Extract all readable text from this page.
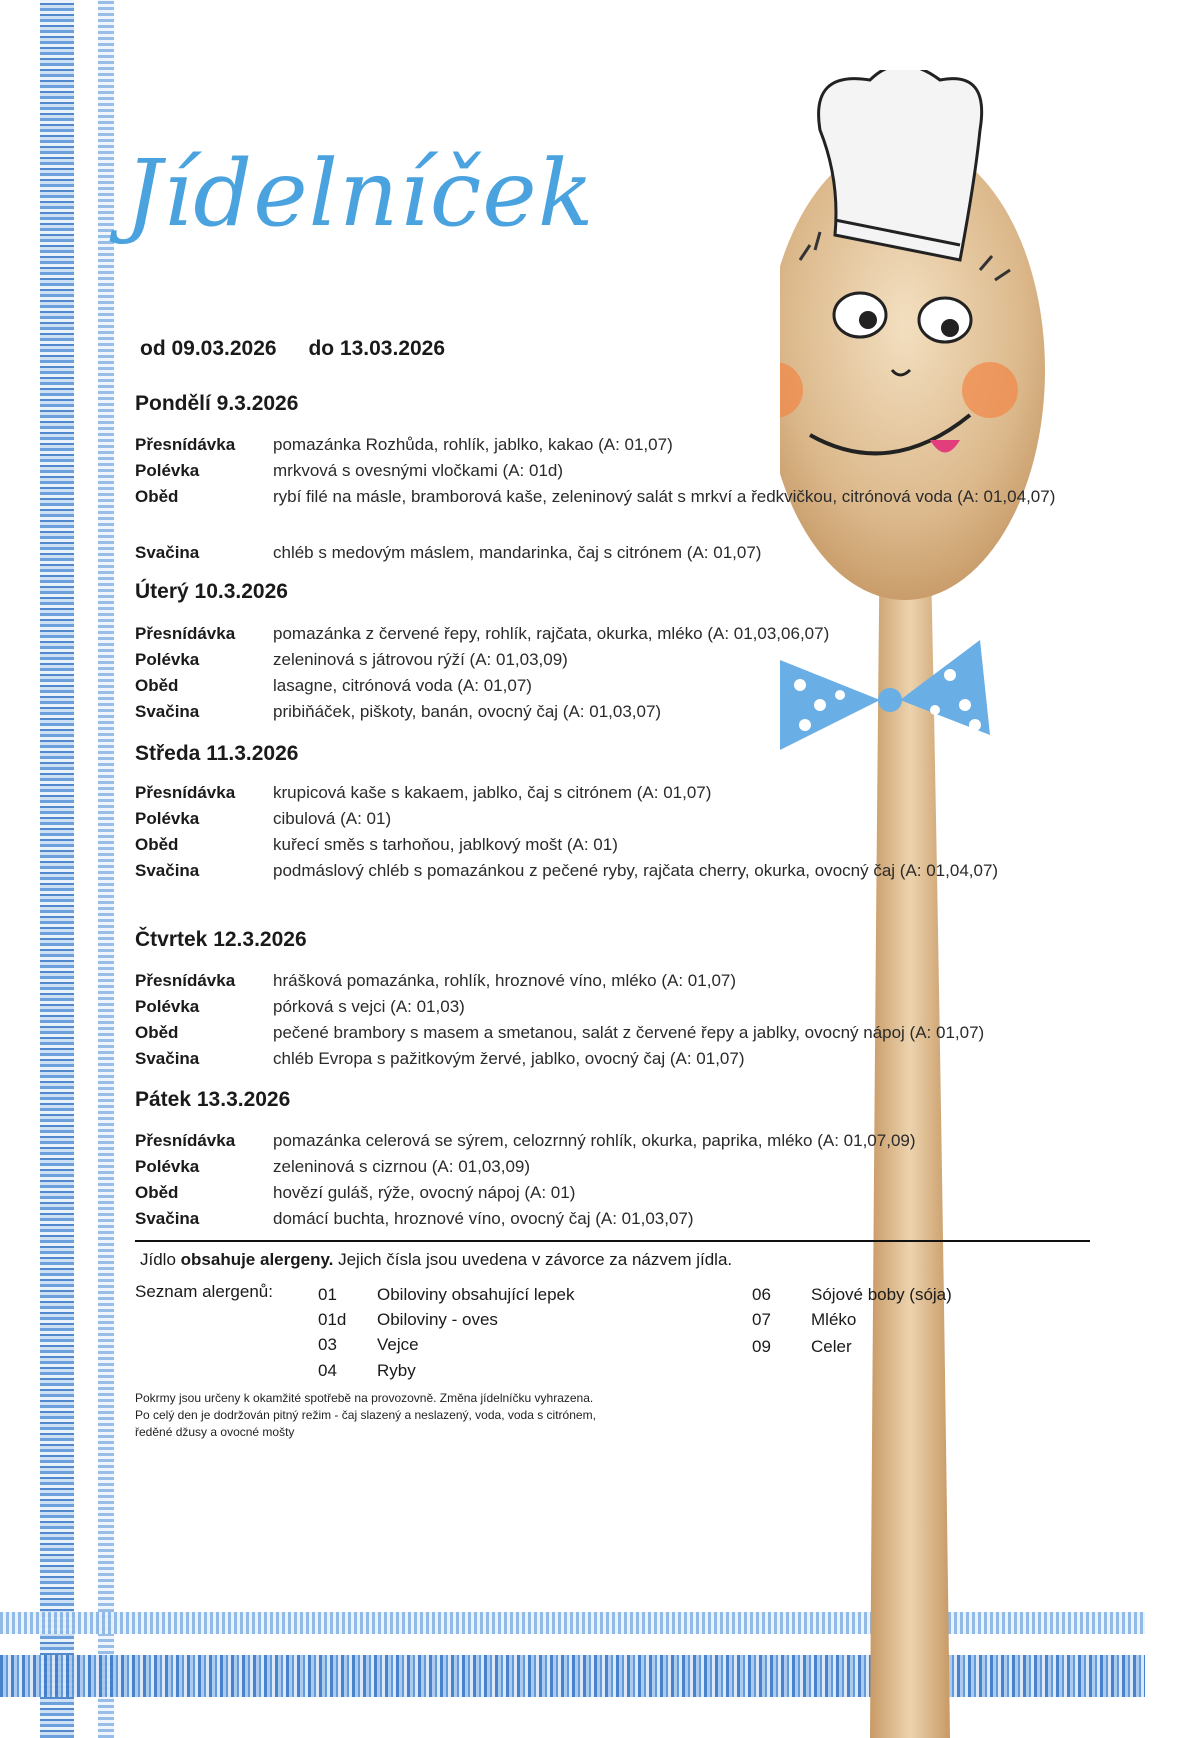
Jídelníček
od 09.03.2026 do 13.03.2026
Pondělí 9.3.2026
Přesnídávka	pomazánka Rozhůda, rohlík, jablko, kakao (A: 01,07)
Polévka	mrkvová s ovesnými vločkami (A: 01d)
Oběd	rybí filé na másle, bramborová kaše, zeleninový salát s mrkví a ředkvičkou, citrónová voda (A: 01,04,07)
Svačina	chléb s medovým máslem, mandarinka, čaj s citrónem (A: 01,07)
Úterý 10.3.2026
Přesnídávka	pomazánka z červené řepy, rohlík, rajčata, okurka, mléko (A: 01,03,06,07)
Polévka	zeleninová s játrovou rýží (A: 01,03,09)
Oběd	lasagne, citrónová voda (A: 01,07)
Svačina	pribiňáček, piškoty, banán, ovocný čaj (A: 01,03,07)
Středa 11.3.2026
Přesnídávka	krupicová kaše s kakaem, jablko, čaj s citrónem (A: 01,07)
Polévka	cibulová (A: 01)
Oběd	kuřecí směs s tarhoňou, jablkový mošt (A: 01)
Svačina	podmáslový chléb s pomazánkou z pečené ryby, rajčata cherry, okurka, ovocný čaj (A: 01,04,07)
Čtvrtek 12.3.2026
Přesnídávka	hrášková pomazánka, rohlík, hroznové víno, mléko (A: 01,07)
Polévka	pórková s vejci (A: 01,03)
Oběd	pečené brambory s masem a smetanou, salát z červené řepy a jablky, ovocný nápoj (A: 01,07)
Svačina	chléb Evropa s pažitkovým žervé, jablko, ovocný čaj (A: 01,07)
Pátek 13.3.2026
Přesnídávka	pomazánka celerová se sýrem, celozrnný rohlík, okurka, paprika, mléko (A: 01,07,09)
Polévka	zeleninová s cizrnou (A: 01,03,09)
Oběd	hovězí guláš, rýže, ovocný nápoj (A: 01)
Svačina	domácí buchta, hroznové víno, ovocný čaj (A: 01,03,07)
Jídlo obsahuje alergeny. Jejich čísla jsou uvedena v závorce za názvem jídla.
Seznam alergenů:	01 Obiloviny obsahující lepek
01d Obiloviny - oves
03 Vejce
04 Ryby
06 Sójové boby (sója)
07 Mléko
09 Celer
Pokrmy jsou určeny k okamžité spotřebě na provozovně. Změna jídelníčku vyhrazena.
Po celý den je dodržován pitný režim - čaj slazený a neslazený, voda, voda s citrónem,
ředěné džusy a ovocné mošty
